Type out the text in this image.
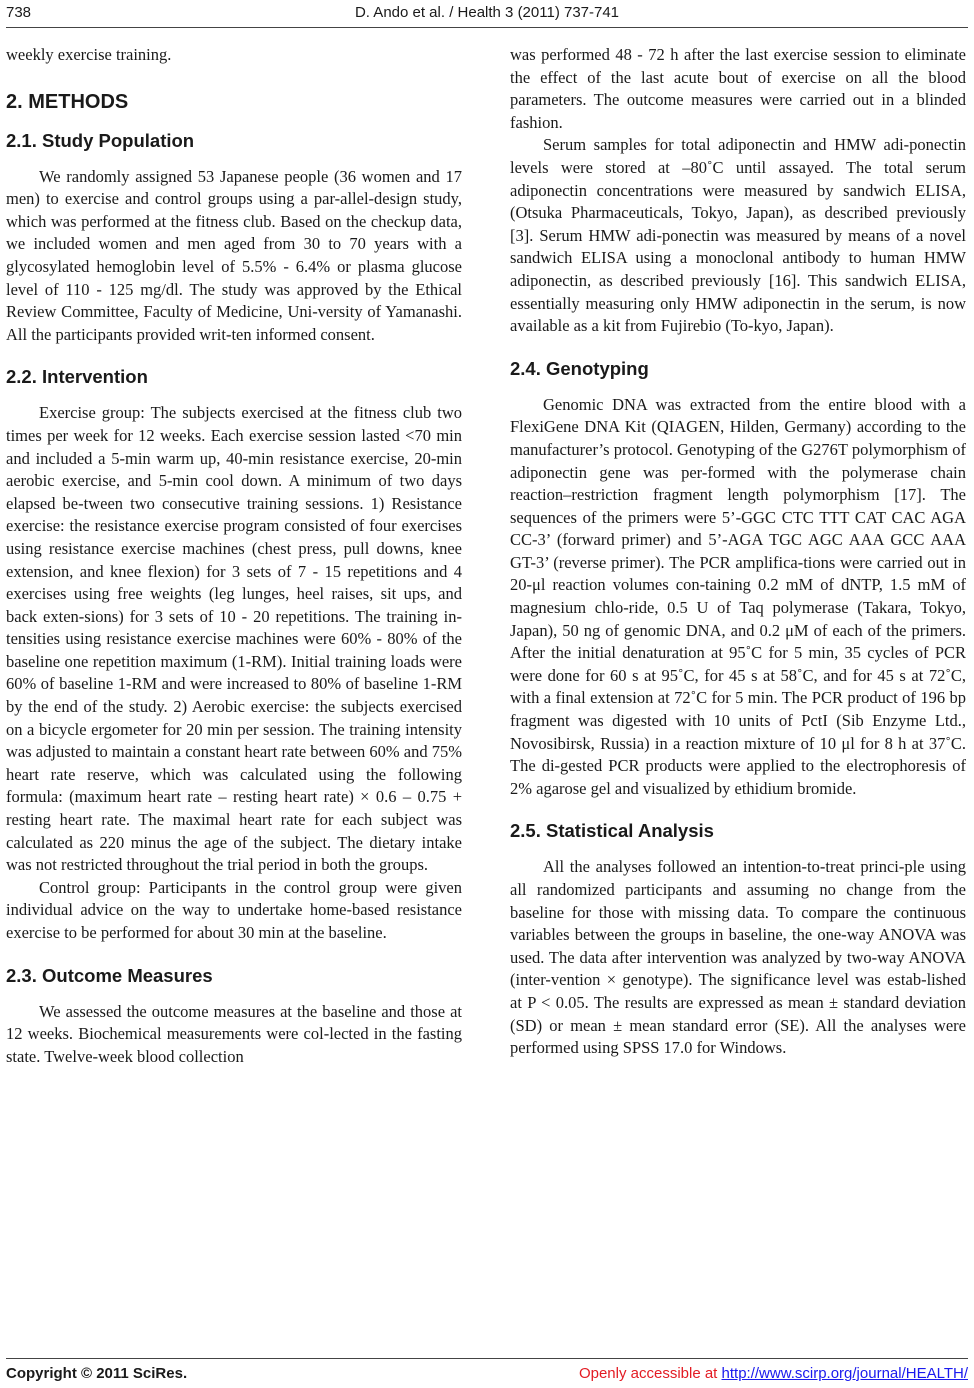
738	D. Ando et al. / Health 3 (2011) 737-741

weekly exercise training.

2. METHODS
2.1. Study Population

We randomly assigned 53 Japanese people (36 women and 17 men) to exercise and control groups using a par-allel-design study, which was performed at the fitness club. Based on the checkup data, we included women and men aged from 30 to 70 years with a glycosylated hemoglobin level of 5.5% - 6.4% or plasma glucose level of 110 - 125 mg/dl. The study was approved by the Ethical Review Committee, Faculty of Medicine, Uni-versity of Yamanashi. All the participants provided writ-ten informed consent.

2.2. Intervention

Exercise group: The subjects exercised at the fitness club two times per week for 12 weeks. Each exercise session lasted <70 min and included a 5-min warm up, 40-min resistance exercise, 20-min aerobic exercise, and 5-min cool down. A minimum of two days elapsed be-tween two consecutive training sessions. 1) Resistance exercise: the resistance exercise program consisted of four exercises using resistance exercise machines (chest press, pull downs, knee extension, and knee flexion) for 3 sets of 7 - 15 repetitions and 4 exercises using free weights (leg lunges, heel raises, sit ups, and back exten-sions) for 3 sets of 10 - 20 repetitions. The training in-tensities using resistance exercise machines were 60% - 80% of the baseline one repetition maximum (1-RM). Initial training loads were 60% of baseline 1-RM and were increased to 80% of baseline 1-RM by the end of the study. 2) Aerobic exercise: the subjects exercised on a bicycle ergometer for 20 min per session. The training intensity was adjusted to maintain a constant heart rate between 60% and 75% heart rate reserve, which was calculated using the following formula: (maximum heart rate – resting heart rate) × 0.6 – 0.75 + resting heart rate. The maximal heart rate for each subject was calculated as 220 minus the age of the subject. The dietary intake was not restricted throughout the trial period in both the groups.

Control group: Participants in the control group were given individual advice on the way to undertake home-based resistance exercise to be performed for about 30 min at the baseline.

2.3. Outcome Measures

We assessed the outcome measures at the baseline and those at 12 weeks. Biochemical measurements were col-lected in the fasting state. Twelve-week blood collection

was performed 48 - 72 h after the last exercise session to eliminate the effect of the last acute bout of exercise on all the blood parameters. The outcome measures were carried out in a blinded fashion.

Serum samples for total adiponectin and HMW adi-ponectin levels were stored at –80˚C until assayed. The total serum adiponectin concentrations were measured by sandwich ELISA, (Otsuka Pharmaceuticals, Tokyo, Japan), as described previously [3]. Serum HMW adi-ponectin was measured by means of a novel sandwich ELISA using a monoclonal antibody to human HMW adiponectin, as described previously [16]. This sandwich ELISA, essentially measuring only HMW adiponectin in the serum, is now available as a kit from Fujirebio (To-kyo, Japan).

2.4. Genotyping

Genomic DNA was extracted from the entire blood with a FlexiGene DNA Kit (QIAGEN, Hilden, Germany) according to the manufacturer’s protocol. Genotyping of the G276T polymorphism of adiponectin gene was per-formed with the polymerase chain reaction–restriction fragment length polymorphism [17]. The sequences of the primers were 5’-GGC CTC TTT CAT CAC AGA CC-3’ (forward primer) and 5’-AGA TGC AGC AAA GCC AAA GT-3’ (reverse primer). The PCR amplifica-tions were carried out in 20-μl reaction volumes con-taining 0.2 mM of dNTP, 1.5 mM of magnesium chlo-ride, 0.5 U of Taq polymerase (Takara, Tokyo, Japan), 50 ng of genomic DNA, and 0.2 μM of each of the primers. After the initial denaturation at 95˚C for 5 min, 35 cycles of PCR were done for 60 s at 95˚C, for 45 s at 58˚C, and for 45 s at 72˚C, with a final extension at 72˚C for 5 min. The PCR product of 196 bp fragment was digested with 10 units of PctI (Sib Enzyme Ltd., Novosibirsk, Russia) in a reaction mixture of 10 μl for 8 h at 37˚C. The di-gested PCR products were applied to the electrophoresis of 2% agarose gel and visualized by ethidium bromide.

2.5. Statistical Analysis

All the analyses followed an intention-to-treat princi-ple using all randomized participants and assuming no change from the baseline for those with missing data. To compare the continuous variables between the groups in baseline, the one-way ANOVA was used. The data after intervention was analyzed by two-way ANOVA (inter-vention × genotype). The significance level was estab-lished at P < 0.05. The results are expressed as mean ± standard deviation (SD) or mean ± mean standard error (SE). All the analyses were performed using SPSS 17.0 for Windows.

Copyright © 2011 SciRes.	Openly accessible at http://www.scirp.org/journal/HEALTH/
